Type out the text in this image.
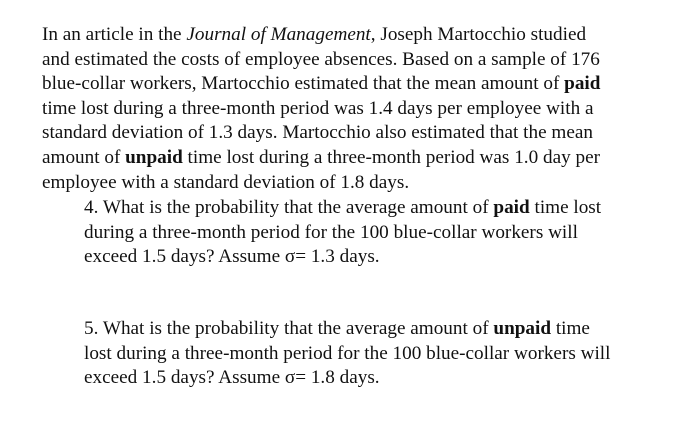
In an article in the Journal of Management, Joseph Martocchio studied
and estimated the costs of employee absences. Based on a sample of 176
blue-collar workers, Martocchio estimated that the mean amount of paid
time lost during a three-month period was 1.4 days per employee with a
standard deviation of 1.3 days. Martocchio also estimated that the mean
amount of unpaid time lost during a three-month period was 1.0 day per
employee with a standard deviation of 1.8 days.
4. What is the probability that the average amount of paid time lost
during a three-month period for the 100 blue-collar workers will
exceed 1.5 days? Assume σ= 1.3 days.
5. What is the probability that the average amount of unpaid time
lost during a three-month period for the 100 blue-collar workers will
exceed 1.5 days? Assume σ= 1.8 days.
